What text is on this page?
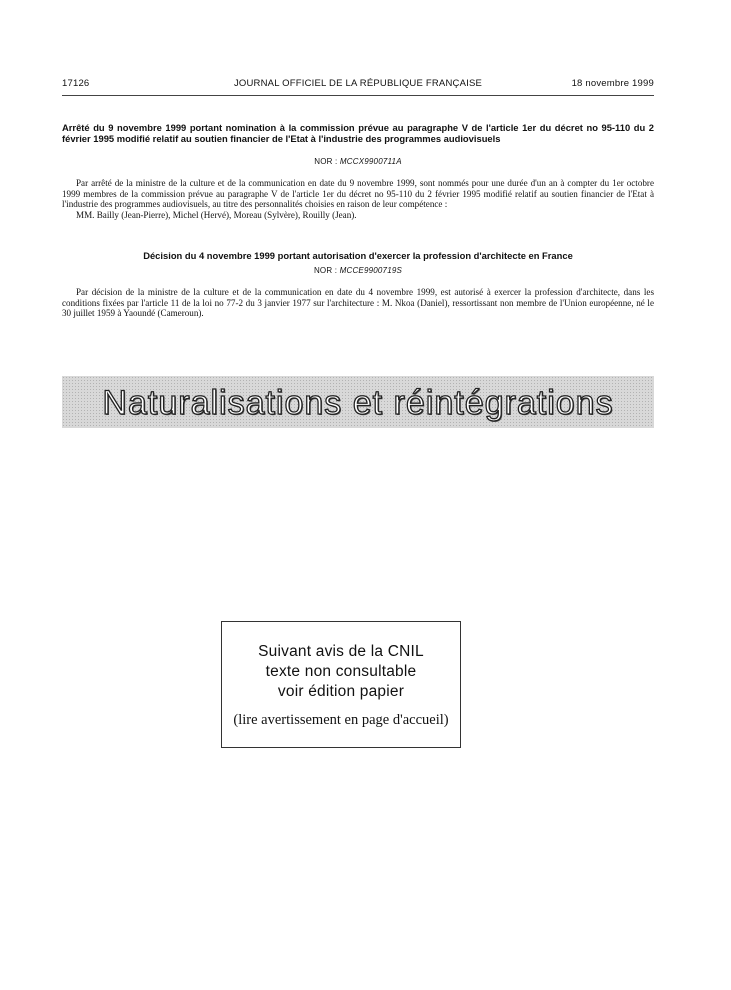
17126	JOURNAL OFFICIEL DE LA RÉPUBLIQUE FRANÇAISE	18 novembre 1999
Arrêté du 9 novembre 1999 portant nomination à la commission prévue au paragraphe V de l'article 1er du décret no 95-110 du 2 février 1995 modifié relatif au soutien financier de l'Etat à l'industrie des programmes audiovisuels
NOR : MCCX9900711A

Par arrêté de la ministre de la culture et de la communication en date du 9 novembre 1999, sont nommés pour une durée d'un an à compter du 1er octobre 1999 membres de la commission prévue au paragraphe V de l'article 1er du décret no 95-110 du 2 février 1995 modifié relatif au soutien financier de l'Etat à l'industrie des programmes audiovisuels, au titre des personnalités choisies en raison de leur compétence :

MM. Bailly (Jean-Pierre), Michel (Hervé), Moreau (Sylvère), Rouilly (Jean).

Décision du 4 novembre 1999 portant autorisation d'exercer la profession d'architecte en France
NOR : MCCE9900719S

Par décision de la ministre de la culture et de la communication en date du 4 novembre 1999, est autorisé à exercer la profession d'architecte, dans les conditions fixées par l'article 11 de la loi no 77-2 du 3 janvier 1977 sur l'architecture : M. Nkoa (Daniel), ressortissant non membre de l'Union européenne, né le 30 juillet 1959 à Yaoundé (Cameroun).

Naturalisations et réintégrations
Suivant avis de la CNIL
texte non consultable
voir édition papier
(lire avertissement en page d'accueil)
